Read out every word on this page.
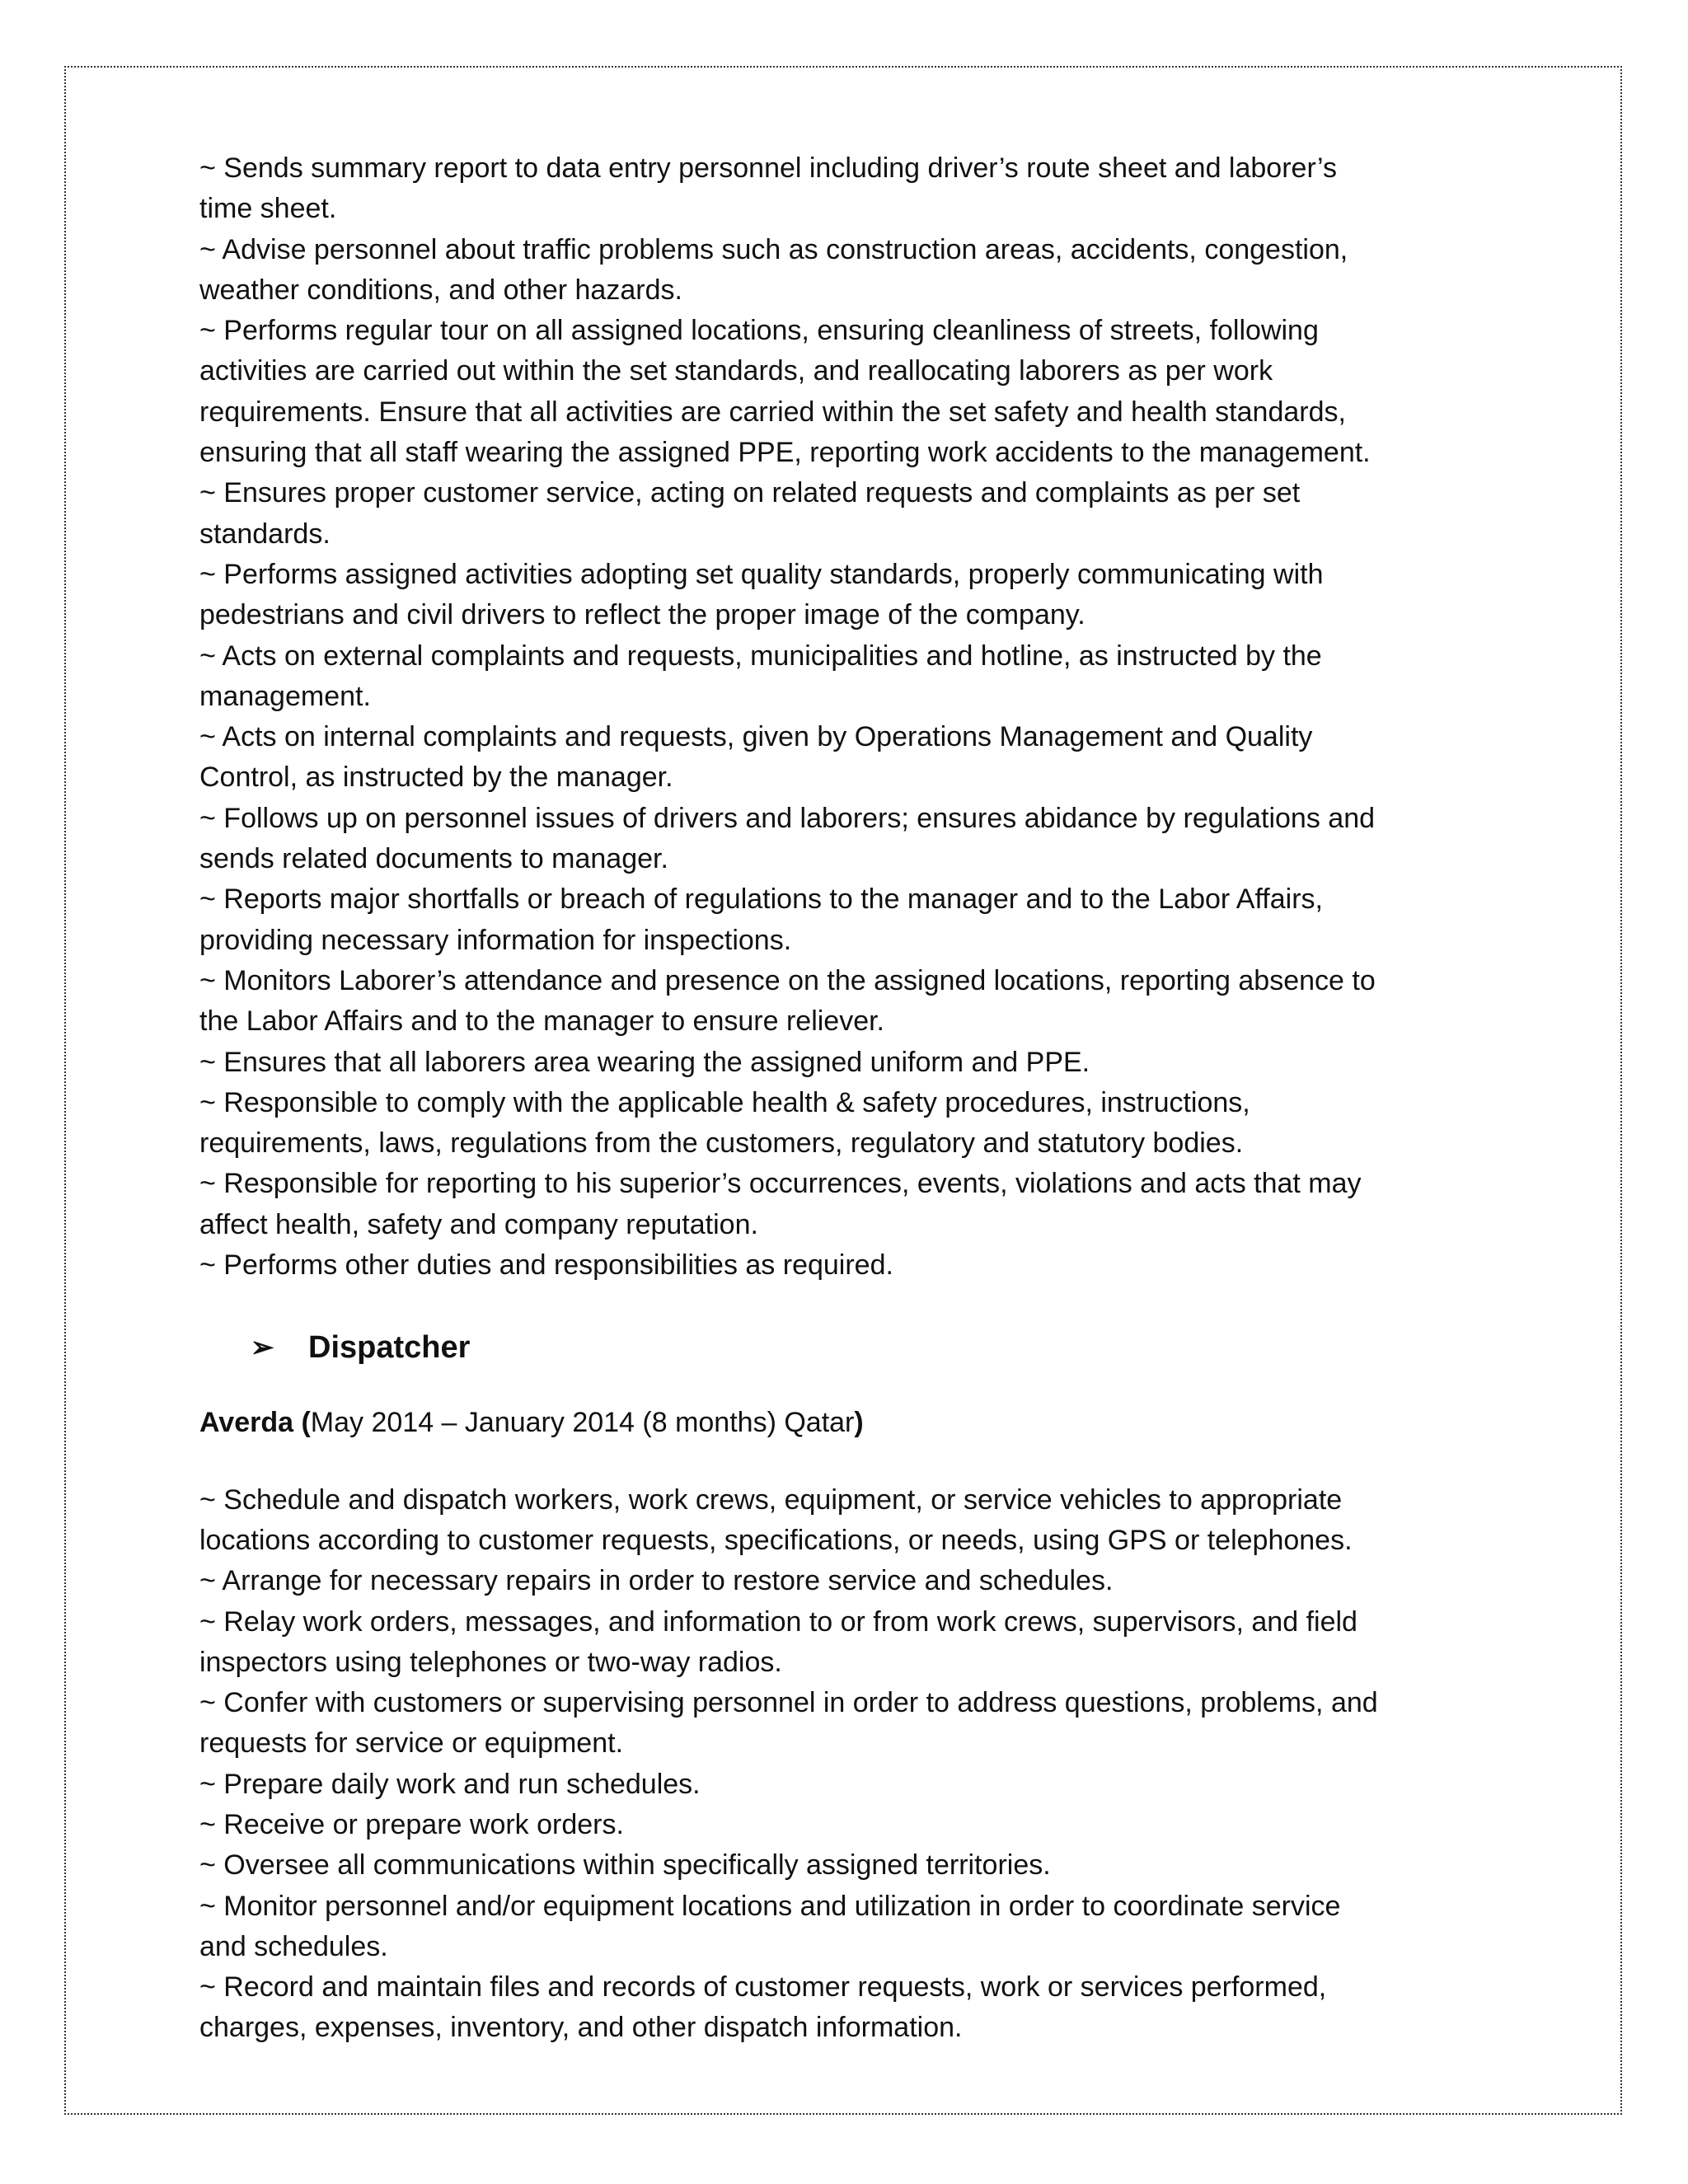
~ Sends summary report to data entry personnel including driver’s route sheet and laborer’s

time sheet.

~ Advise personnel about traffic problems such as construction areas, accidents, congestion,

weather conditions, and other hazards.

~ Performs regular tour on all assigned locations, ensuring cleanliness of streets, following

activities are carried out within the set standards, and reallocating laborers as per work

requirements. Ensure that all activities are carried within the set safety and health standards,

ensuring that all staff wearing the assigned PPE, reporting work accidents to the management.

~ Ensures proper customer service, acting on related requests and complaints as per set

standards.

~ Performs assigned activities adopting set quality standards, properly communicating with

pedestrians and civil drivers to reflect the proper image of the company.

~ Acts on external complaints and requests, municipalities and hotline, as instructed by the

management.

~ Acts on internal complaints and requests, given by Operations Management and Quality

Control, as instructed by the manager.

~ Follows up on personnel issues of drivers and laborers; ensures abidance by regulations and

sends related documents to manager.

~ Reports major shortfalls or breach of regulations to the manager and to the Labor Affairs,

providing necessary information for inspections.

~ Monitors Laborer’s attendance and presence on the assigned locations, reporting absence to

the Labor Affairs and to the manager to ensure reliever.

~ Ensures that all laborers area wearing the assigned uniform and PPE.

~ Responsible to comply with the applicable health & safety procedures, instructions,

requirements, laws, regulations from the customers, regulatory and statutory bodies.

~ Responsible for reporting to his superior’s occurrences, events, violations and acts that may

affect health, safety and company reputation.

~ Performs other duties and responsibilities as required.

➢	Dispatcher

Averda (May 2014 – January 2014 (8 months) Qatar)

~ Schedule and dispatch workers, work crews, equipment, or service vehicles to appropriate

locations according to customer requests, specifications, or needs, using GPS or telephones.

~ Arrange for necessary repairs in order to restore service and schedules.

~ Relay work orders, messages, and information to or from work crews, supervisors, and field

inspectors using telephones or two-way radios.

~ Confer with customers or supervising personnel in order to address questions, problems, and

requests for service or equipment.

~ Prepare daily work and run schedules.

~ Receive or prepare work orders.

~ Oversee all communications within specifically assigned territories.

~ Monitor personnel and/or equipment locations and utilization in order to coordinate service

and schedules.

~ Record and maintain files and records of customer requests, work or services performed,

charges, expenses, inventory, and other dispatch information.
